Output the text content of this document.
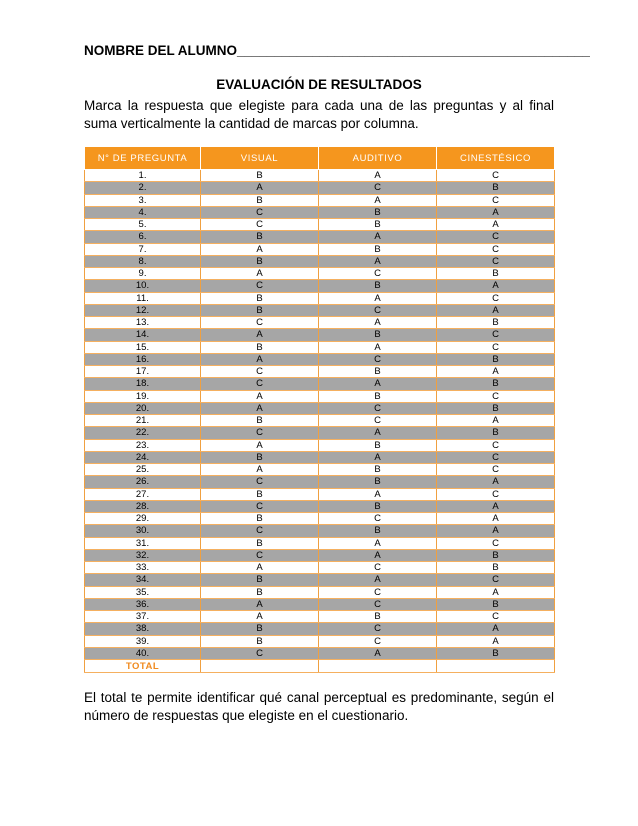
NOMBRE DEL ALUMNO_______________________________________________
EVALUACIÓN DE RESULTADOS
Marca la respuesta que elegiste para cada una de las preguntas y al final suma verticalmente la cantidad de marcas por columna.
N° DE PREGUNTA	VISUAL	AUDITIVO	CINESTÉSICO
1.	B	A	C
2.	A	C	B
3.	B	A	C
4.	C	B	A
5.	C	B	A
6.	B	A	C
7.	A	B	C
8.	B	A	C
9.	A	C	B
10.	C	B	A
11.	B	A	C
12.	B	C	A
13.	C	A	B
14.	A	B	C
15.	B	A	C
16.	A	C	B
17.	C	B	A
18.	C	A	B
19.	A	B	C
20.	A	C	B
21.	B	C	A
22.	C	A	B
23.	A	B	C
24.	B	A	C
25.	A	B	C
26.	C	B	A
27.	B	A	C
28.	C	B	A
29.	B	C	A
30.	C	B	A
31.	B	A	C
32.	C	A	B
33.	A	C	B
34.	B	A	C
35.	B	C	A
36.	A	C	B
37.	A	B	C
38.	B	C	A
39.	B	C	A
40.	C	A	B
TOTAL			
El total te permite identificar qué canal perceptual es predominante, según el número de respuestas que elegiste en el cuestionario.
